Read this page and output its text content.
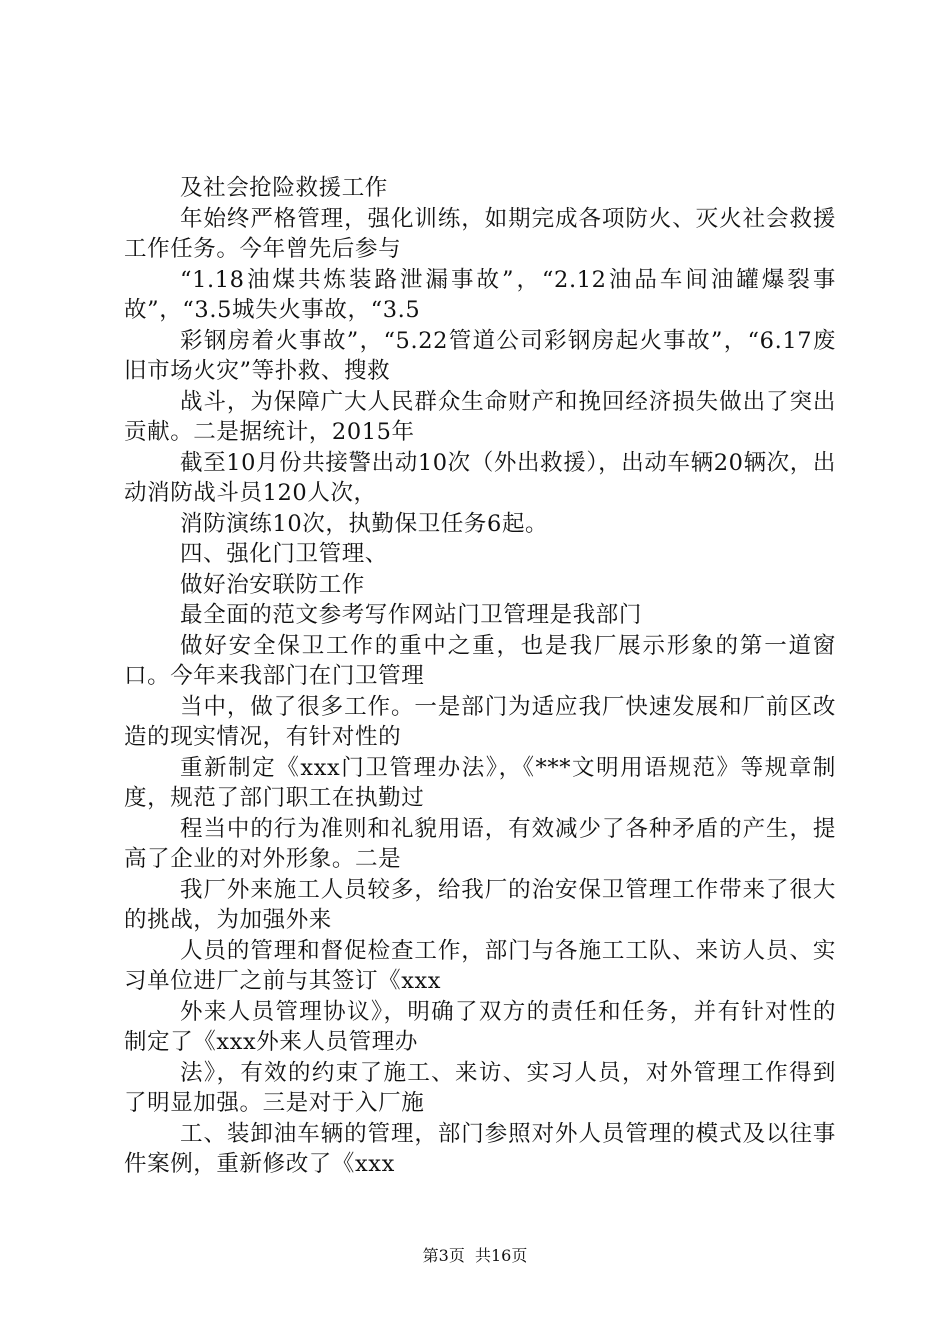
及社会抢险救援工作

年始终严格管理，强化训练，如期完成各项防火、灭火社会救援工作任务。今年曾先后参与

“1.18油煤共炼装路泄漏事故”，“2.12油品车间油罐爆裂事故”，“3.5城失火事故，“3.5

彩钢房着火事故”，“5.22管道公司彩钢房起火事故”，“6.17废旧市场火灾”等扑救、搜救

战斗，为保障广大人民群众生命财产和挽回经济损失做出了突出贡献。二是据统计，2015年

截至10月份共接警出动10次（外出救援），出动车辆20辆次，出动消防战斗员120人次，

消防演练10次，执勤保卫任务6起。

四、强化门卫管理、

做好治安联防工作

最全面的范文参考写作网站门卫管理是我部门

做好安全保卫工作的重中之重，也是我厂展示形象的第一道窗口。今年来我部门在门卫管理

当中，做了很多工作。一是部门为适应我厂快速发展和厂前区改造的现实情况，有针对性的

重新制定《xxx门卫管理办法》，《***文明用语规范》等规章制度，规范了部门职工在执勤过

程当中的行为准则和礼貌用语，有效减少了各种矛盾的产生，提高了企业的对外形象。二是

我厂外来施工人员较多，给我厂的治安保卫管理工作带来了很大的挑战，为加强外来

人员的管理和督促检查工作，部门与各施工工队、来访人员、实习单位进厂之前与其签订《xxx

外来人员管理协议》，明确了双方的责任和任务，并有针对性的制定了《xxx外来人员管理办

法》，有效的约束了施工、来访、实习人员，对外管理工作得到了明显加强。三是对于入厂施

工、装卸油车辆的管理，部门参照对外人员管理的模式及以往事件案例，重新修改了《xxx

第3页  共16页
